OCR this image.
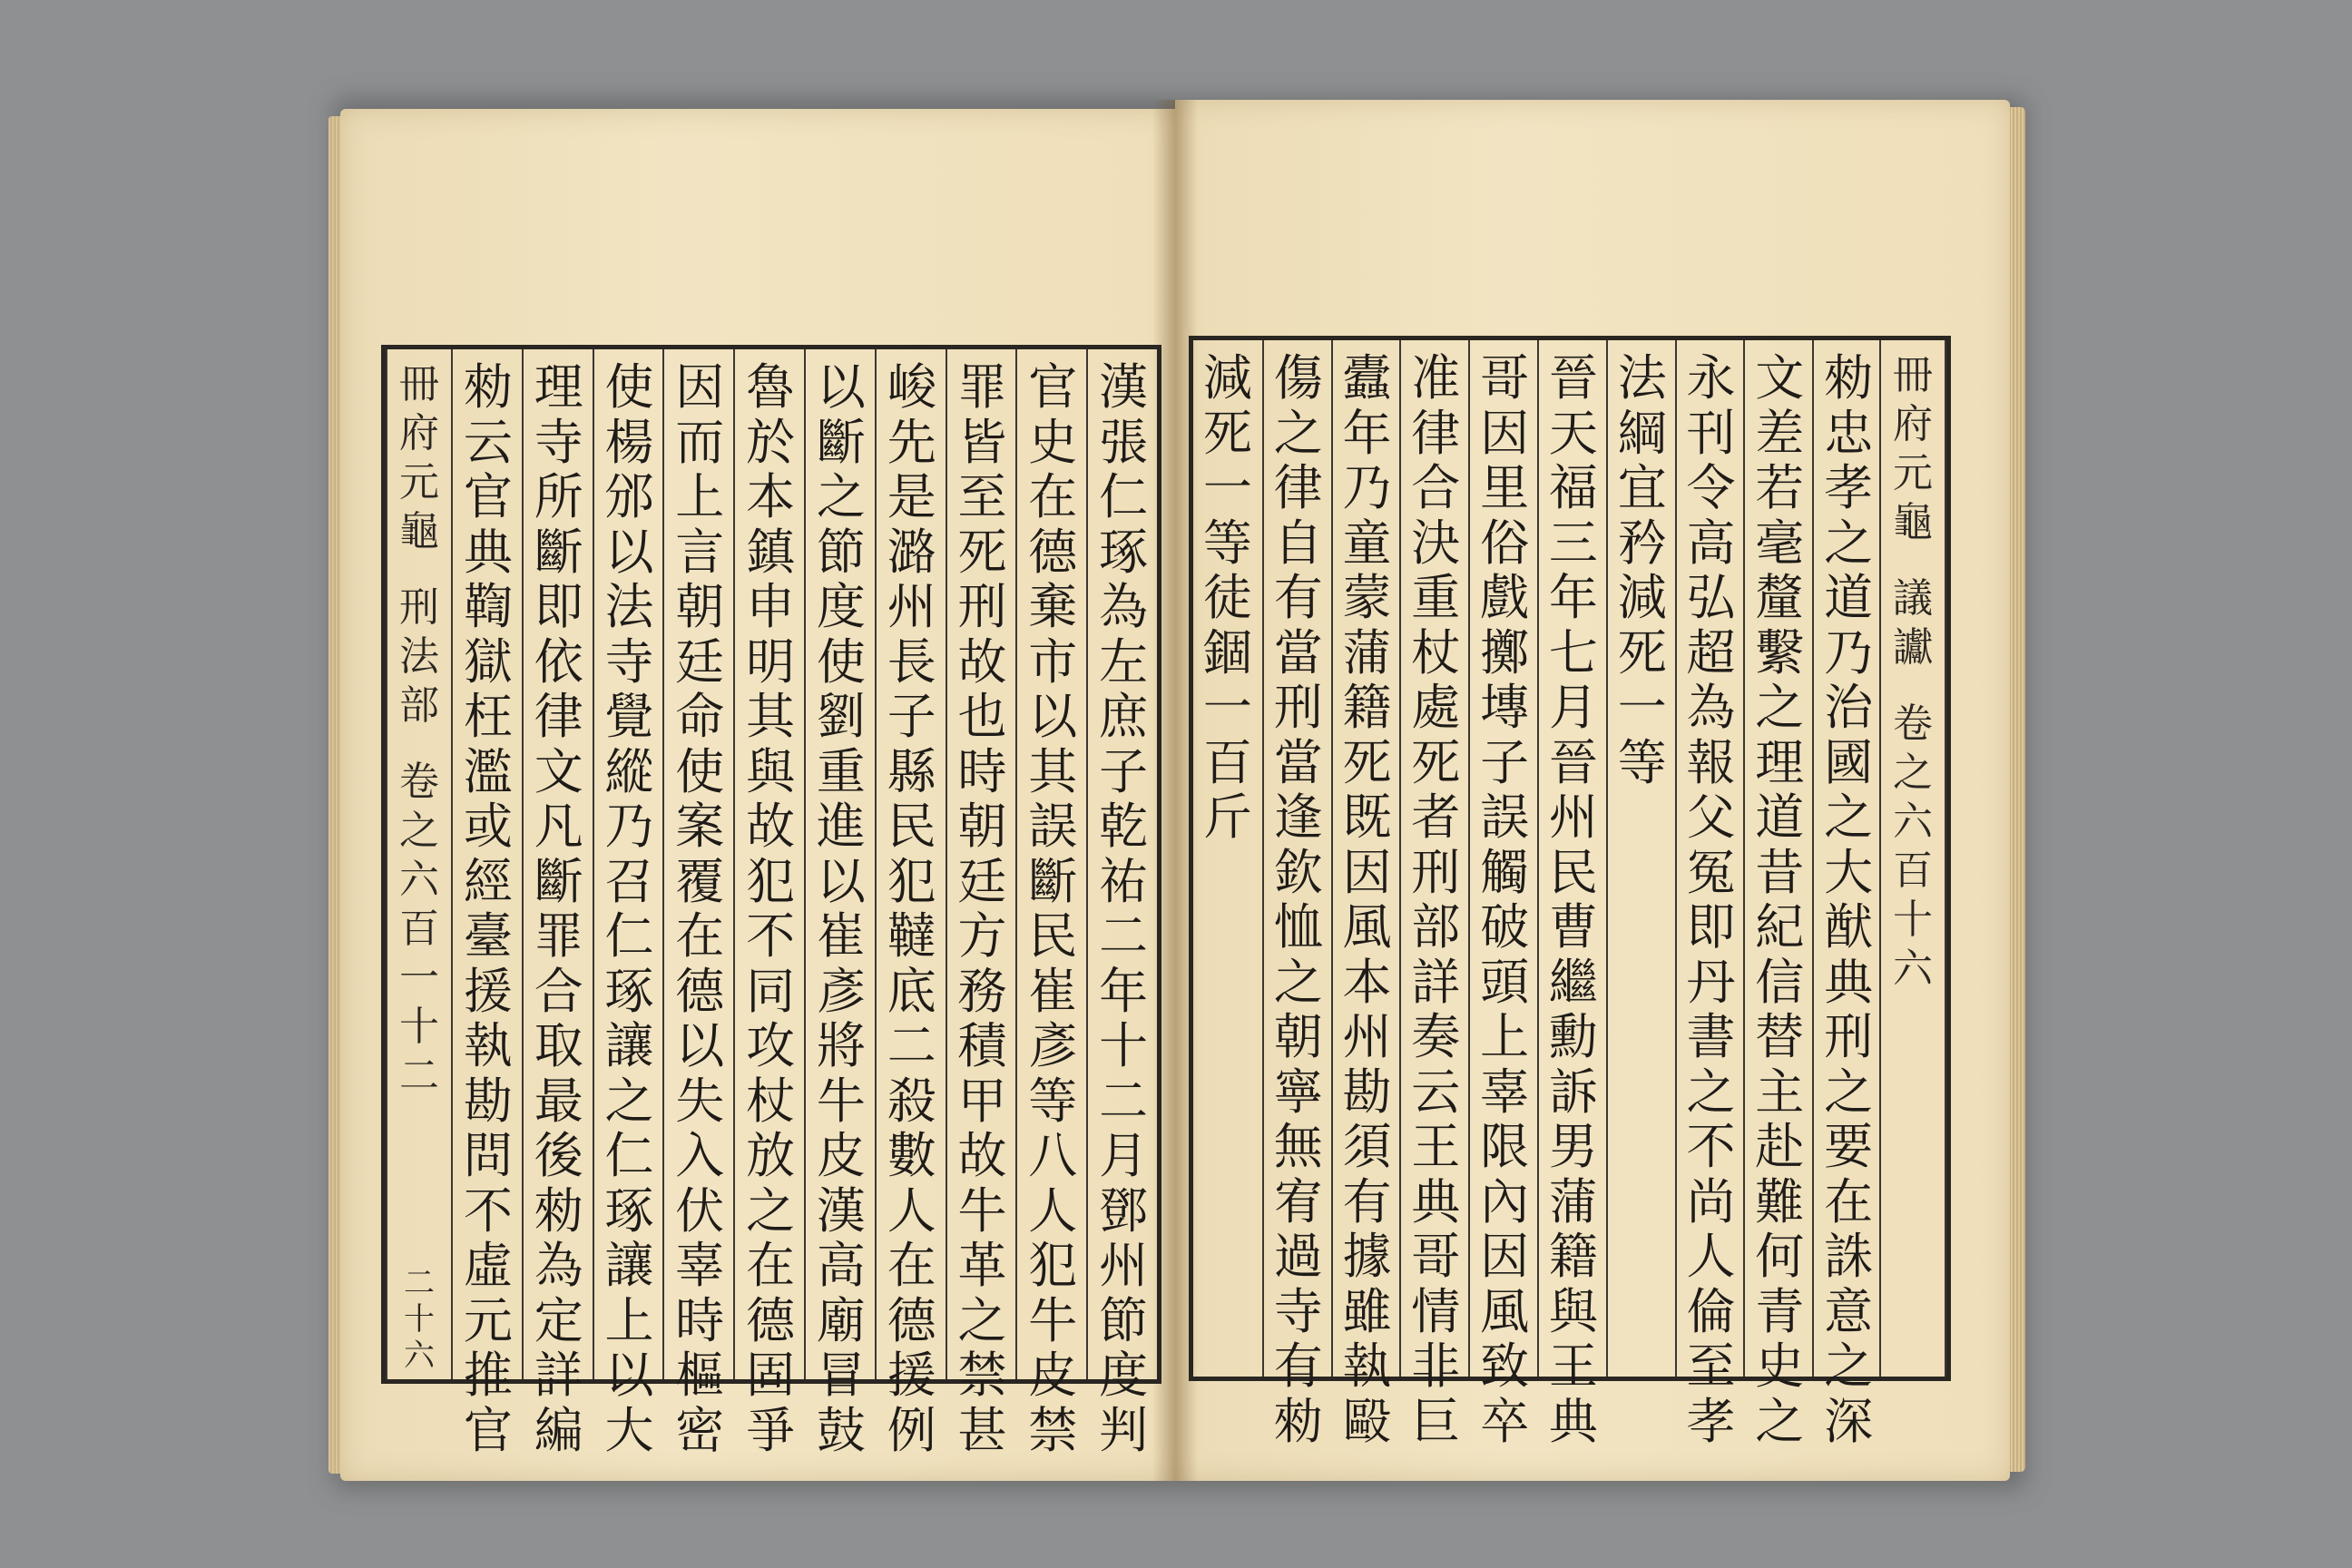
冊
府
元
龜
刑
法
部
卷
之
六
百
一
十
二
二
十
六
漢
張
仁
琢
為
左
庶
子
乾
祐
二
年
十
二
月
鄧
州
節
度
判
官
史
在
德
棄
市
以
其
誤
斷
民
崔
彥
等
八
人
犯
牛
皮
禁
罪
皆
至
死
刑
故
也
時
朝
廷
方
務
積
甲
故
牛
革
之
禁
甚
峻
先
是
潞
州
長
子
縣
民
犯
韃
底
二
殺
數
人
在
德
援
例
以
斷
之
節
度
使
劉
重
進
以
崔
彥
將
牛
皮
漢
高
廟
冒
鼓
魯
於
本
鎮
申
明
其
與
故
犯
不
同
攻
杖
放
之
在
德
固
爭
因
而
上
言
朝
廷
命
使
案
覆
在
德
以
失
入
伏
辜
時
樞
密
使
楊
邠
以
法
寺
覺
縱
乃
召
仁
琢
讓
之
仁
琢
讓
上
以
大
理
寺
所
斷
即
依
律
文
凡
斷
罪
合
取
最
後
勑
為
定
詳
編
勑
云
官
典
鞫
獄
枉
濫
或
經
臺
援
執
勘
問
不
虛
元
推
官
冊
府
元
龜
議
讞
卷
之
六
百
十
六
勑
忠
孝
之
道
乃
治
國
之
大
猷
典
刑
之
要
在
誅
意
之
深
文
差
若
毫
釐
繫
之
理
道
昔
紀
信
替
主
赴
難
何
青
史
之
永
刊
令
高
弘
超
為
報
父
冤
即
丹
書
之
不
尚
人
倫
至
孝
法
綱
宜
矜
減
死
一
等
晉
天
福
三
年
七
月
晉
州
民
曹
繼
勳
訴
男
蒲
籍
與
王
典
哥
因
里
俗
戲
擲
塼
子
誤
觸
破
頭
上
辜
限
內
因
風
致
卒
准
律
合
決
重
杖
處
死
者
刑
部
詳
奏
云
王
典
哥
情
非
巨
蠹
年
乃
童
蒙
蒲
籍
死
既
因
風
本
州
勘
須
有
據
雖
執
毆
傷
之
律
自
有
當
刑
當
逢
欽
恤
之
朝
寧
無
宥
過
寺
有
勑
減
死
一
等
徒
錮
一
百
斤
